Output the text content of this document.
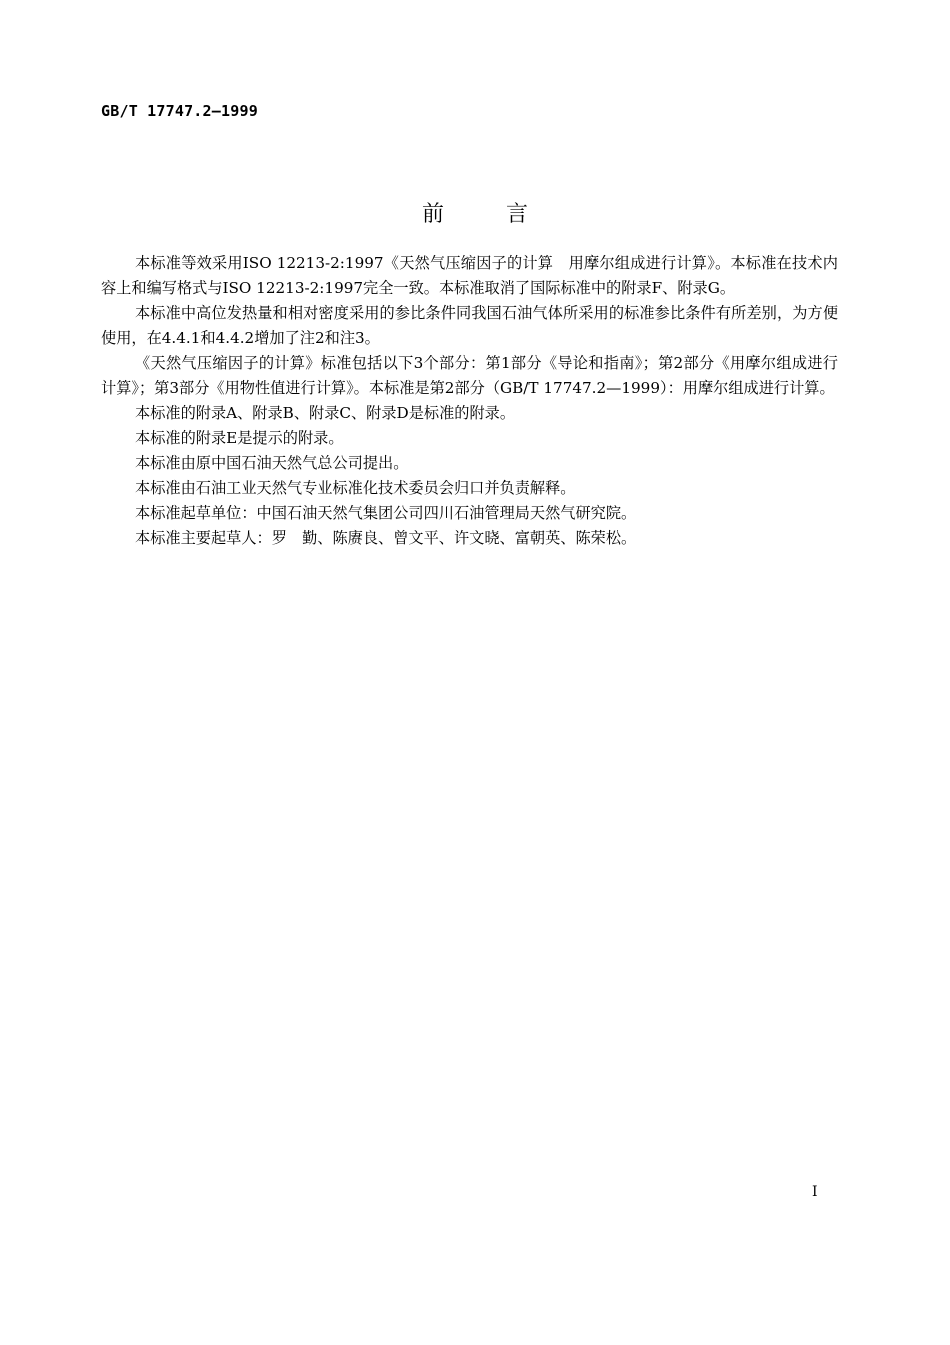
GB/T 17747.2—1999
前言

本标准等效采用ISO 12213-2:1997《天然气压缩因子的计算　用摩尔组成进行计算》。本标准在技术内容上和编写格式与ISO 12213-2:1997完全一致。本标准取消了国际标准中的附录F、附录G。

本标准中高位发热量和相对密度采用的参比条件同我国石油气体所采用的标准参比条件有所差别，为方便使用，在4.4.1和4.4.2增加了注2和注3。

《天然气压缩因子的计算》标准包括以下3个部分：第1部分《导论和指南》；第2部分《用摩尔组成进行计算》；第3部分《用物性值进行计算》。本标准是第2部分（GB/T 17747.2—1999）：用摩尔组成进行计算。

本标准的附录A、附录B、附录C、附录D是标准的附录。

本标准的附录E是提示的附录。

本标准由原中国石油天然气总公司提出。

本标准由石油工业天然气专业标准化技术委员会归口并负责解释。

本标准起草单位：中国石油天然气集团公司四川石油管理局天然气研究院。

本标准主要起草人：罗　勤、陈赓良、曾文平、许文晓、富朝英、陈荣松。

I
